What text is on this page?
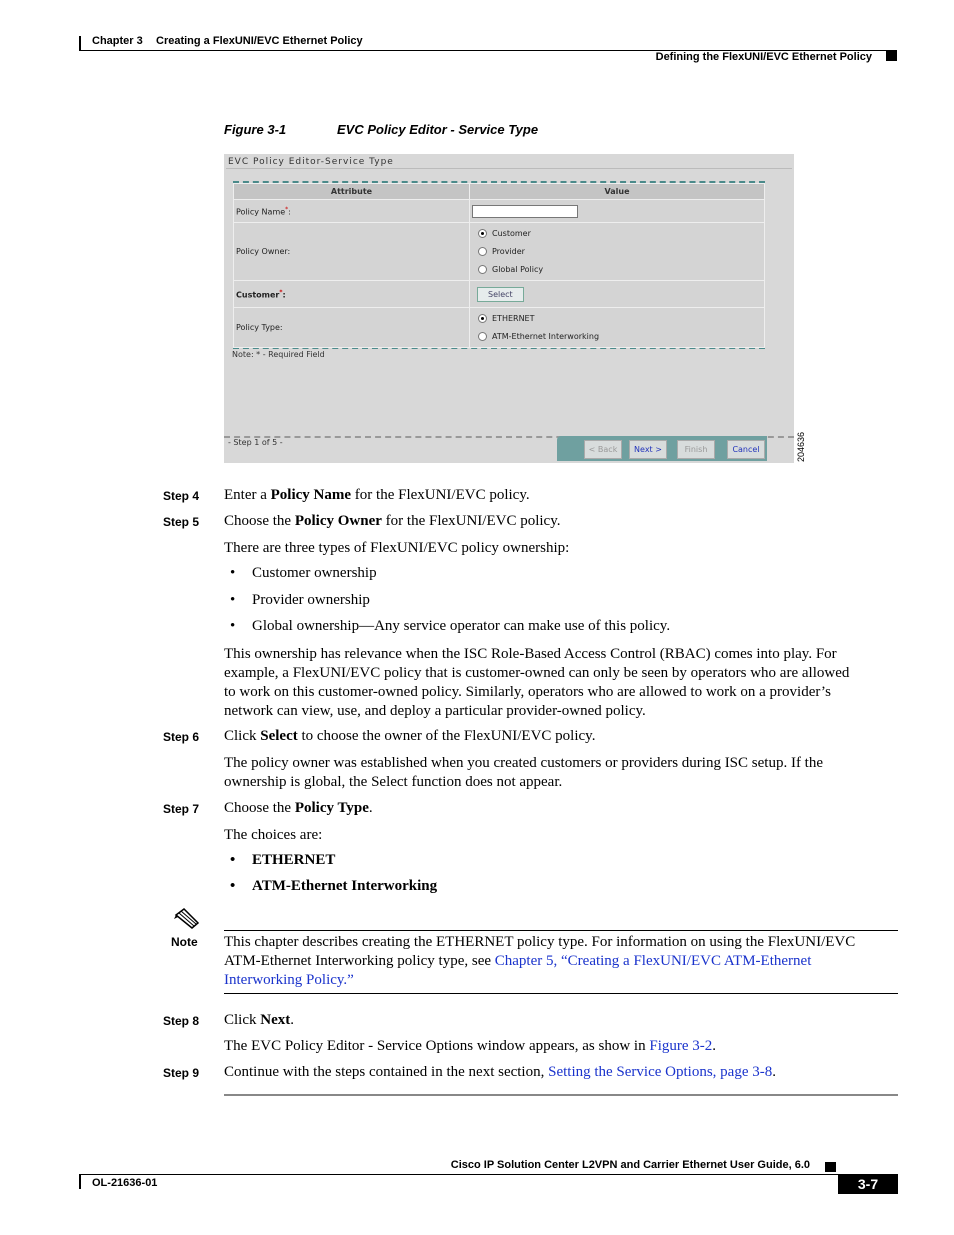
Chapter 3 Creating a FlexUNI/EVC Ethernet Policy
Defining the FlexUNI/EVC Ethernet Policy
Figure 3-1	EVC Policy Editor - Service Type
EVC Policy Editor-Service Type
Attribute	Value
Policy Name*:	
Policy Owner:	Customer
Provider
Global Policy

Customer*:	Select
Policy Type:	ETHERNET
ATM-Ethernet Interworking
Note: * - Required Field
- Step 1 of 5 -
< Back	Next >	Finish	Cancel	204636
Step 4 Enter a Policy Name for the FlexUNI/EVC policy.
Step 5 Choose the Policy Owner for the FlexUNI/EVC policy.
There are three types of FlexUNI/EVC policy ownership:
• Customer ownership
• Provider ownership
• Global ownership—Any service operator can make use of this policy.
This ownership has relevance when the ISC Role-Based Access Control (RBAC) comes into play. For
example, a FlexUNI/EVC policy that is customer-owned can only be seen by operators who are allowed
to work on this customer-owned policy. Similarly, operators who are allowed to work on a provider’s
network can view, use, and deploy a particular provider-owned policy.
Step 6 Click Select to choose the owner of the FlexUNI/EVC policy.
The policy owner was established when you created customers or providers during ISC setup. If the
ownership is global, the Select function does not appear.
Step 7 Choose the Policy Type.
The choices are:
• ETHERNET
• ATM-Ethernet Interworking
Note This chapter describes creating the ETHERNET policy type. For information on using the FlexUNI/EVC
ATM-Ethernet Interworking policy type, see Chapter 5, “Creating a FlexUNI/EVC ATM-Ethernet
Interworking Policy.”
Step 8 Click Next.
The EVC Policy Editor - Service Options window appears, as show in Figure 3-2.
Step 9 Continue with the steps contained in the next section, Setting the Service Options, page 3-8.
Cisco IP Solution Center L2VPN and Carrier Ethernet User Guide, 6.0
OL-21636-01	3-7
